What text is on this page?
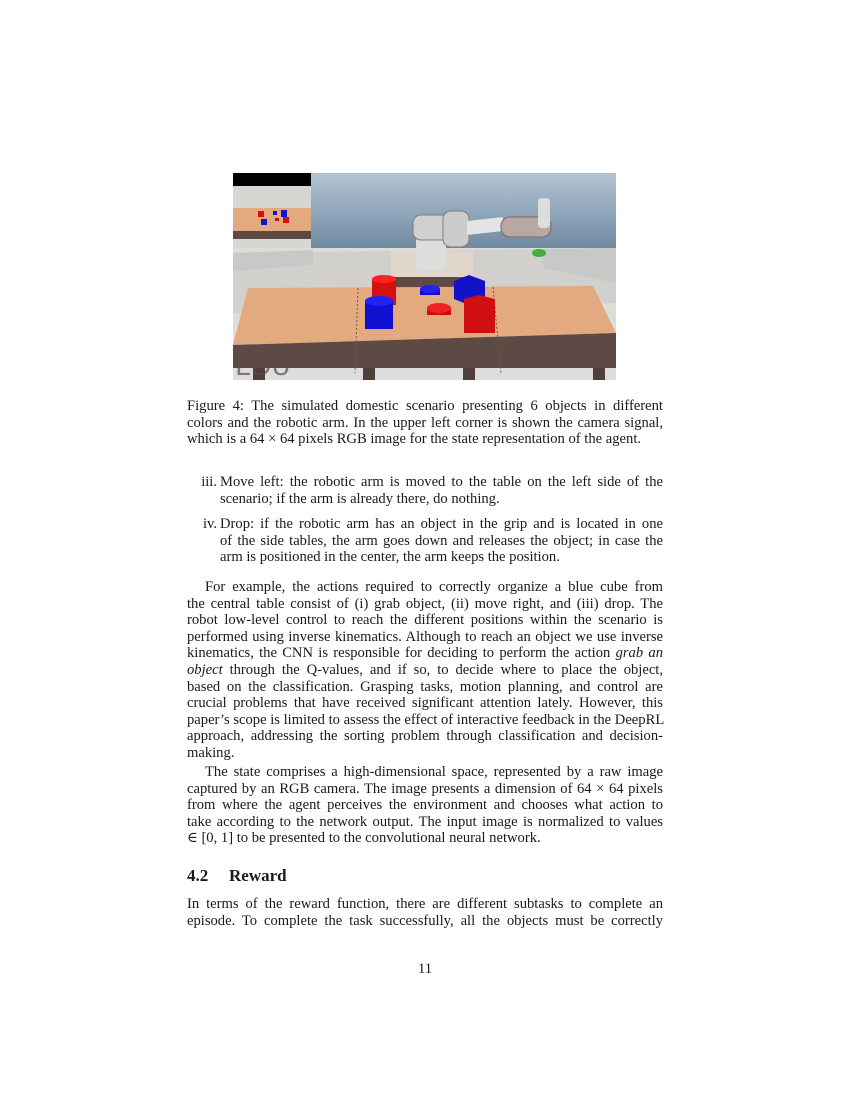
EDU
Figure 4: The simulated domestic scenario presenting 6 objects in different
colors and the robotic arm. In the upper left corner is shown the camera signal,
which is a 64 × 64 pixels RGB image for the state representation of the agent.
iii. Move left: the robotic arm is moved to the table on the left side of the
scenario; if the arm is already there, do nothing.
iv. Drop: if the robotic arm has an object in the grip and is located in one
of the side tables, the arm goes down and releases the object; in case the
arm is positioned in the center, the arm keeps the position.
For example, the actions required to correctly organize a blue cube from
the central table consist of (i) grab object, (ii) move right, and (iii) drop. The
robot low-level control to reach the different positions within the scenario is
performed using inverse kinematics. Although to reach an object we use inverse
kinematics, the CNN is responsible for deciding to perform the action grab an
object through the Q-values, and if so, to decide where to place the object,
based on the classification. Grasping tasks, motion planning, and control are
crucial problems that have received significant attention lately. However, this
paper’s scope is limited to assess the effect of interactive feedback in the DeepRL
approach, addressing the sorting problem through classification and decision-
making.
The state comprises a high-dimensional space, represented by a raw image
captured by an RGB camera. The image presents a dimension of 64 × 64 pixels
from where the agent perceives the environment and chooses what action to
take according to the network output. The input image is normalized to values
∈ [0, 1] to be presented to the convolutional neural network.
4.2 Reward
In terms of the reward function, there are different subtasks to complete an
episode. To complete the task successfully, all the objects must be correctly
11
